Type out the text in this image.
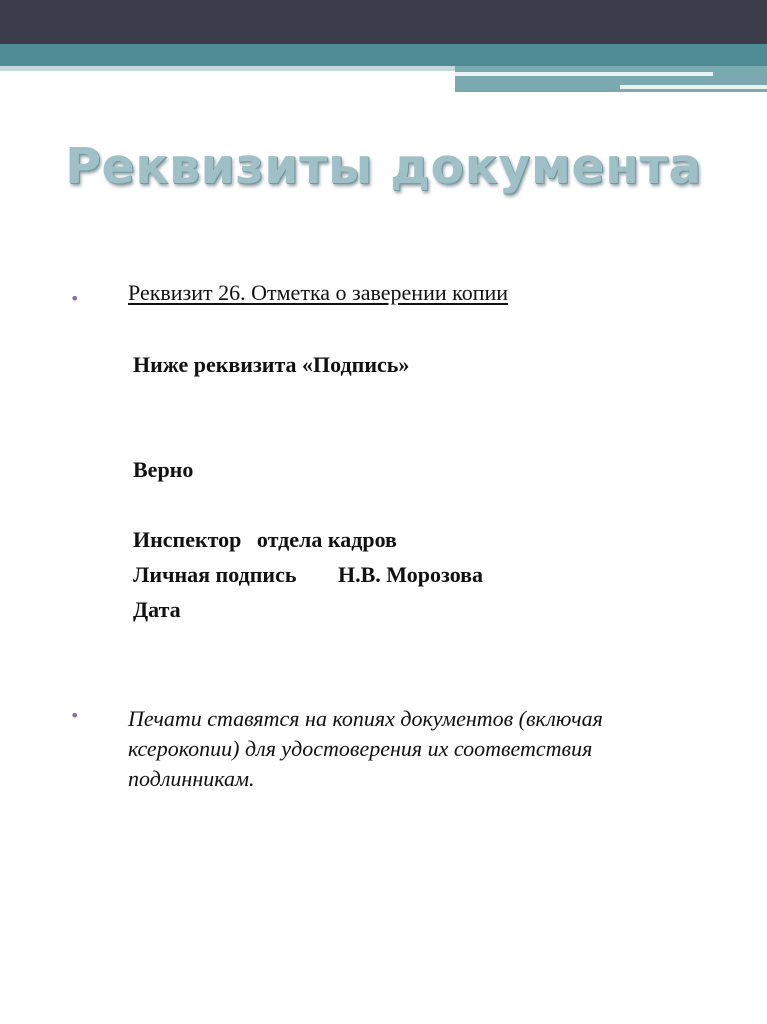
Реквизиты документа
• Реквизит 26. Отметка о заверении копии
Ниже реквизита «Подпись»
Верно
Инспектор отдела кадров
Личная подпись Н.В. Морозова
Дата
• Печати ставятся на копиях документов (включая
ксерокопии) для удостоверения их соответствия
подлинникам.
